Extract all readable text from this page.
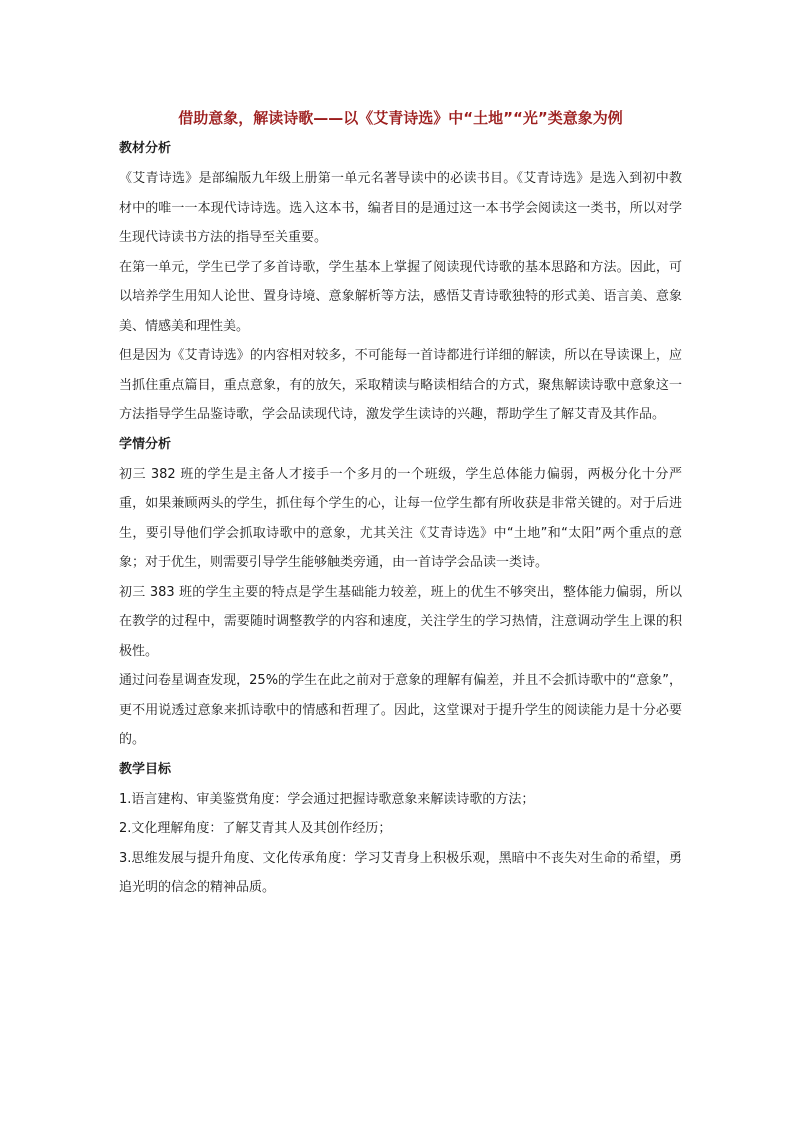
借助意象，解读诗歌——以《艾青诗选》中“土地”“光”类意象为例
教材分析

《艾青诗选》是部编版九年级上册第一单元名著导读中的必读书目。《艾青诗选》是选入到初中教材中的唯一一本现代诗诗选。选入这本书，编者目的是通过这一本书学会阅读这一类书，所以对学生现代诗读书方法的指导至关重要。

在第一单元，学生已学了多首诗歌，学生基本上掌握了阅读现代诗歌的基本思路和方法。因此，可以培养学生用知人论世、置身诗境、意象解析等方法，感悟艾青诗歌独特的形式美、语言美、意象美、情感美和理性美。

但是因为《艾青诗选》的内容相对较多，不可能每一首诗都进行详细的解读，所以在导读课上，应当抓住重点篇目，重点意象，有的放矢，采取精读与略读相结合的方式，聚焦解读诗歌中意象这一方法指导学生品鉴诗歌，学会品读现代诗，激发学生读诗的兴趣，帮助学生了解艾青及其作品。

学情分析

初三 382 班的学生是主备人才接手一个多月的一个班级，学生总体能力偏弱，两极分化十分严重，如果兼顾两头的学生，抓住每个学生的心，让每一位学生都有所收获是非常关键的。对于后进生，要引导他们学会抓取诗歌中的意象，尤其关注《艾青诗选》中“土地”和“太阳”两个重点的意象；对于优生，则需要引导学生能够触类旁通，由一首诗学会品读一类诗。

初三 383 班的学生主要的特点是学生基础能力较差，班上的优生不够突出，整体能力偏弱，所以在教学的过程中，需要随时调整教学的内容和速度，关注学生的学习热情，注意调动学生上课的积极性。

通过问卷星调查发现，25%的学生在此之前对于意象的理解有偏差，并且不会抓诗歌中的“意象”，更不用说透过意象来抓诗歌中的情感和哲理了。因此，这堂课对于提升学生的阅读能力是十分必要的。

教学目标

1.语言建构、审美鉴赏角度：学会通过把握诗歌意象来解读诗歌的方法；

2.文化理解角度：了解艾青其人及其创作经历；

3.思维发展与提升角度、文化传承角度：学习艾青身上积极乐观，黑暗中不丧失对生命的希望，勇追光明的信念的精神品质。
